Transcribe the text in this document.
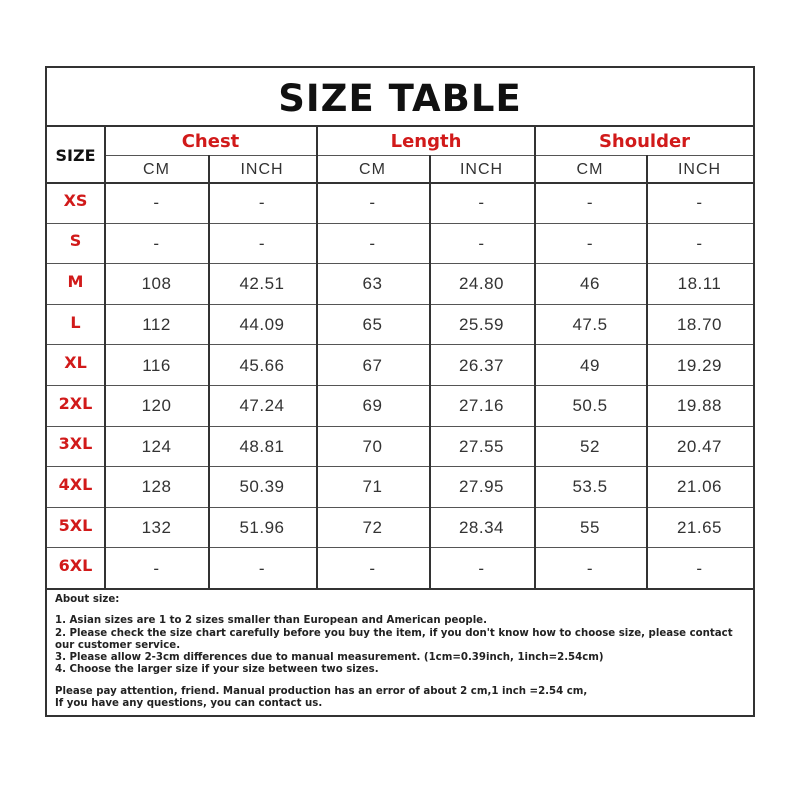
SIZE TABLE
SIZE
Chest	Length	Shoulder
CM	INCH	CM	INCH	CM	INCH
XS	-	-	-	-	-	-
S	-	-	-	-	-	-
M	108	42.51	63	24.80	46	18.11
L	112	44.09	65	25.59	47.5	18.70
XL	116	45.66	67	26.37	49	19.29
2XL	120	47.24	69	27.16	50.5	19.88
3XL	124	48.81	70	27.55	52	20.47
4XL	128	50.39	71	27.95	53.5	21.06
5XL	132	51.96	72	28.34	55	21.65
6XL	-	-	-	-	-	-
About size:
1. Asian sizes are 1 to 2 sizes smaller than European and American people.
2. Please check the size chart carefully before you buy the item, if you don't know how to choose size, please contact our customer service.
3. Please allow 2-3cm differences due to manual measurement. (1cm=0.39inch, 1inch=2.54cm)
4. Choose the larger size if your size between two sizes.
Please pay attention, friend. Manual production has an error of about 2 cm,1 inch =2.54 cm,
If you have any questions, you can contact us.
